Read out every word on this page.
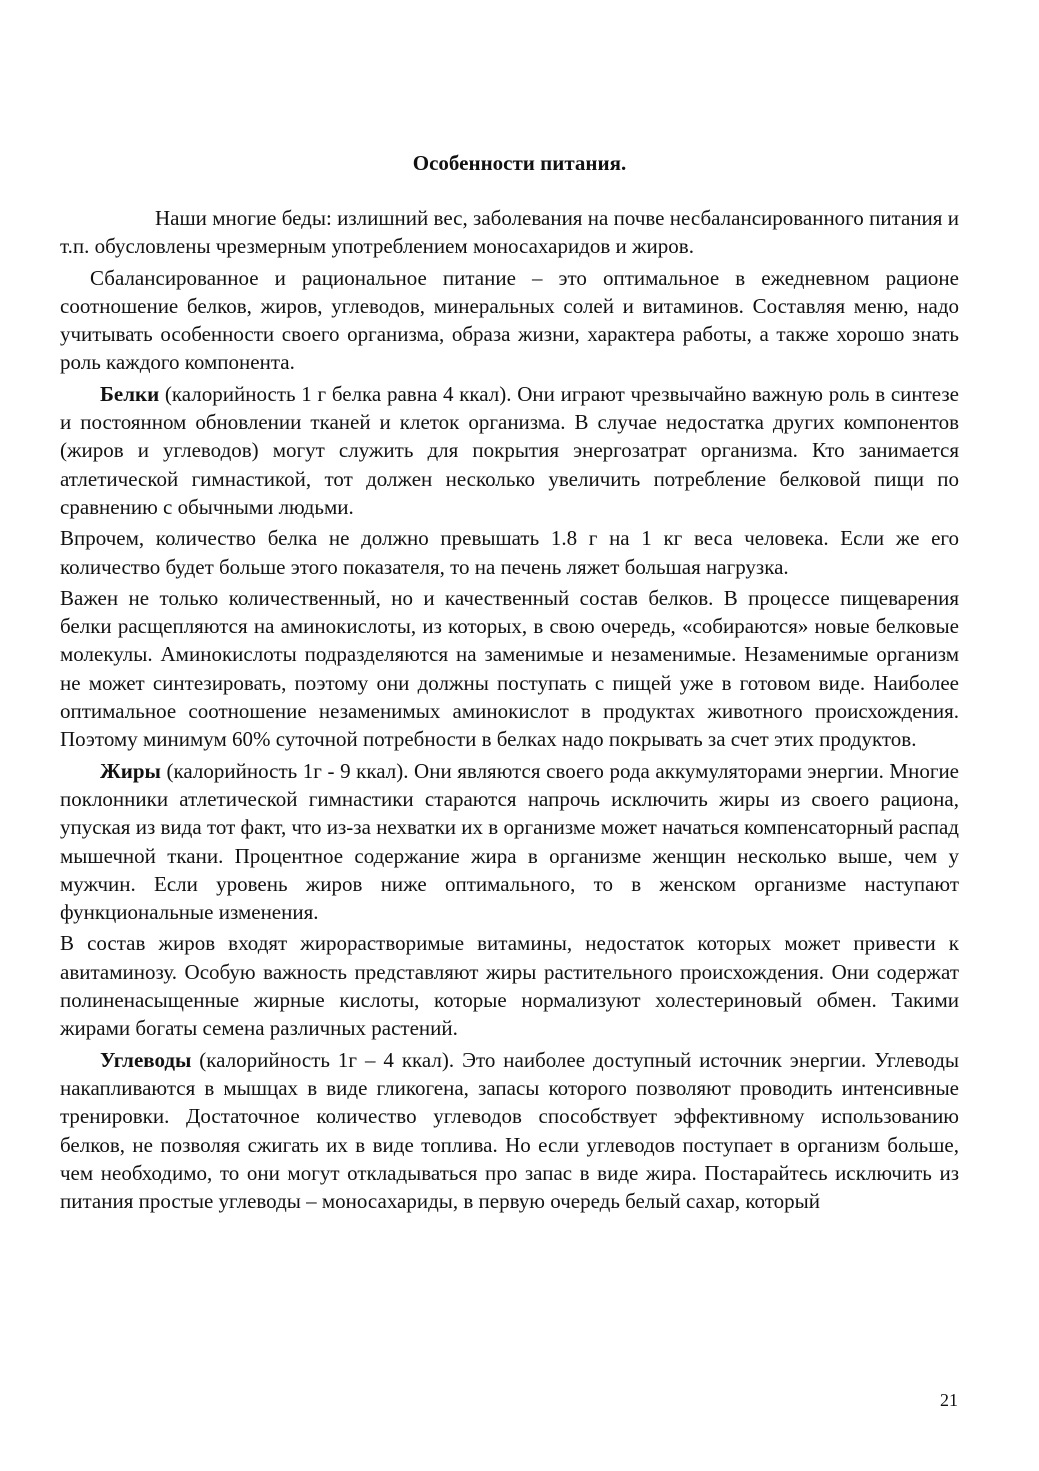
Особенности питания.

Наши многие беды: излишний вес, заболевания на почве несбалансированного питания и т.п. обусловлены чрезмерным употреблением моносахаридов и жиров.

Сбалансированное и рациональное питание – это оптимальное в ежедневном рационе соотношение белков, жиров, углеводов, минеральных солей и витаминов. Составляя меню, надо учитывать особенности своего организма, образа жизни, характера работы, а также хорошо знать роль каждого компонента.

Белки (калорийность 1 г белка равна 4 ккал). Они играют чрезвычайно важную роль в синтезе и постоянном обновлении тканей и клеток организма. В случае недостатка других компонентов (жиров и углеводов) могут служить для покрытия энергозатрат организма. Кто занимается атлетической гимнастикой, тот должен несколько увеличить потребление белковой пищи по сравнению с обычными людьми.

Впрочем, количество белка не должно превышать 1.8 г на 1 кг веса человека. Если же его количество будет больше этого показателя, то на печень ляжет большая нагрузка.

Важен не только количественный, но и качественный состав белков. В процессе пищеварения белки расщепляются на аминокислоты, из которых, в свою очередь, «собираются» новые белковые молекулы. Аминокислоты подразделяются на заменимые и незаменимые. Незаменимые организм не может синтезировать, поэтому они должны поступать с пищей уже в готовом виде. Наиболее оптимальное соотношение незаменимых аминокислот в продуктах животного происхождения. Поэтому минимум 60% суточной потребности в белках надо покрывать за счет этих продуктов.

Жиры (калорийность 1г - 9 ккал). Они являются своего рода аккумуляторами энергии. Многие поклонники атлетической гимнастики стараются напрочь исключить жиры из своего рациона, упуская из вида тот факт, что из-за нехватки их в организме может начаться компенсаторный распад мышечной ткани. Процентное содержание жира в организме женщин несколько выше, чем у мужчин. Если уровень жиров ниже оптимального, то в женском организме наступают функциональные изменения.

В состав жиров входят жирорастворимые витамины, недостаток которых может привести к авитаминозу. Особую важность представляют жиры растительного происхождения. Они содержат полиненасыщенные жирные кислоты, которые нормализуют холестериновый обмен. Такими жирами богаты семена различных растений.

Углеводы (калорийность 1г – 4 ккал). Это наиболее доступный источник энергии. Углеводы накапливаются в мышцах в виде гликогена, запасы которого позволяют проводить интенсивные тренировки. Достаточное количество углеводов способствует эффективному использованию белков, не позволяя сжигать их в виде топлива. Но если углеводов поступает в организм больше, чем необходимо, то они могут откладываться про запас в виде жира. Постарайтесь исключить из питания простые углеводы – моносахариды, в первую очередь белый сахар, который

21
